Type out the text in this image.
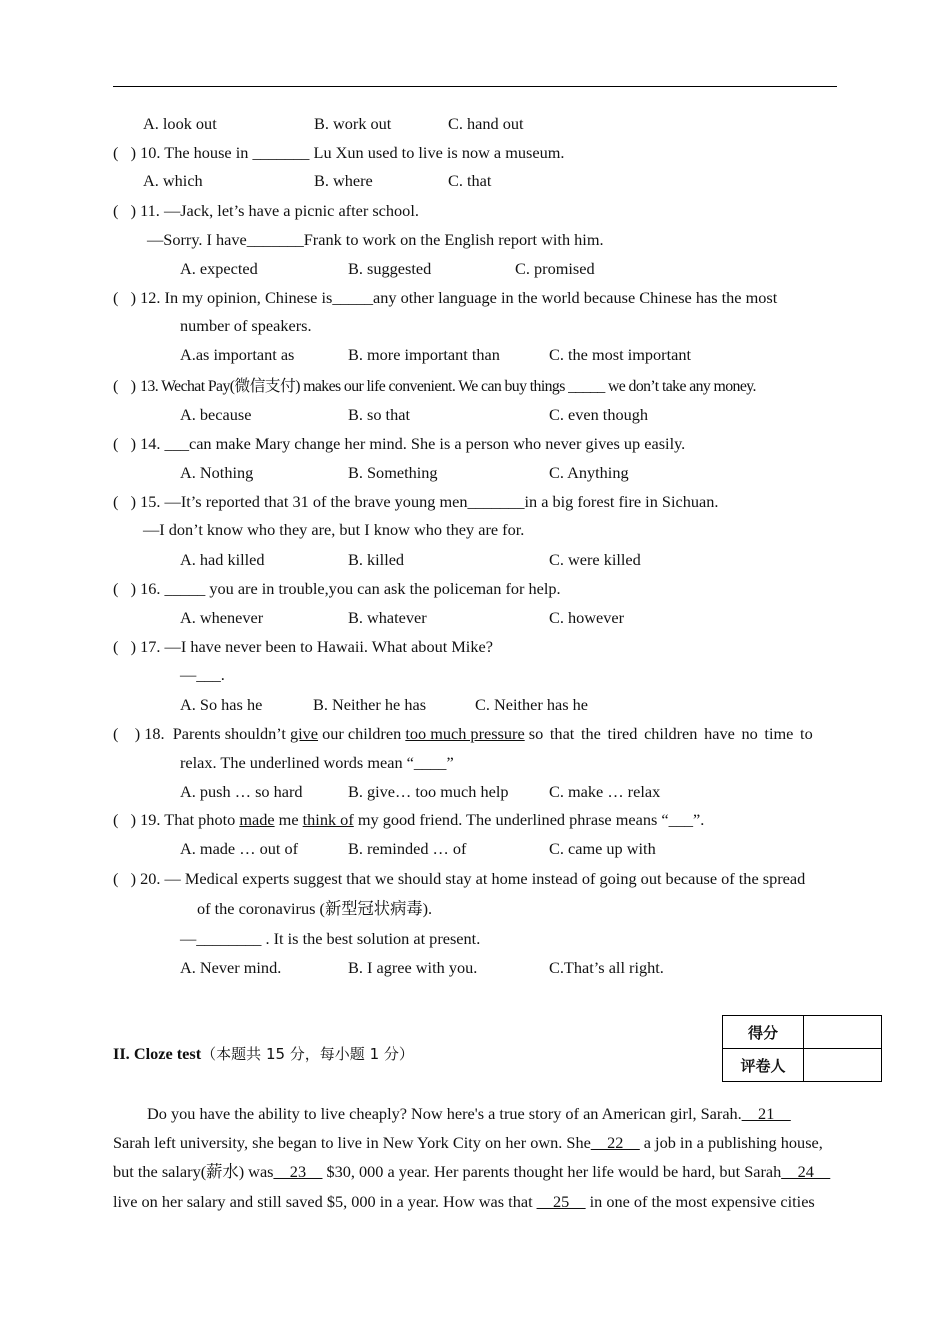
A. look out	B. work out	C. hand out
( ) 10. The house in _______ Lu Xun used to live is now a museum.
A. which	B. where	C. that
(   ) 11. —Jack, let’s have a picnic after school.
—Sorry. I have_______Frank to work on the English report with him.
A. expected	B. suggested	C. promised
(   ) 12. In my opinion, Chinese is_____any other language in the world because Chinese has the most
number of speakers.
A.as important as	B. more important than	C. the most important
(   ) 13. Wechat Pay(微信支付) makes our life convenient. We can buy things _____ we don’t take any money.
A. because	B. so that	C. even though
(   ) 14. ___can make Mary change her mind. She is a person who never gives up easily.
A. Nothing	B. Something	C. Anything
(   ) 15. —It’s reported that 31 of the brave young men_______in a big forest fire in Sichuan.
—I don’t know who they are, but I know who they are for.
A. had killed	B. killed	C. were killed
(   ) 16. _____ you are in trouble,you can ask the policeman for help.
A. whenever	B. whatever	C. however
(   ) 17. —I have never been to Hawaii. What about Mike?
—___.
A. So has he	B. Neither he has	C. Neither has he
(    ) 18. Parents shouldn’t give our children too much pressure so that the tired children have no time to
relax. The underlined words mean “____”
A. push … so hard	B. give… too much help C. make … relax
(   ) 19. That photo made me think of my good friend. The underlined phrase means “___”.
A. made … out of	B. reminded … of	C. came up with
(   ) 20. — Medical experts suggest that we should stay at home instead of going out because of the spread
of the coronavirus (新型冠状病毒).
—________ . It is the best solution at present.
A. Never mind.	B. I agree with you.	C.That’s all right.
II. Cloze test（本题共 15 分，每小题 1 分）
得分	
评卷人	
Do you have the ability to live cheaply? Now here's a true story of an American girl, Sarah.__21__
Sarah left university, she began to live in New York City on her own. She__22__ a job in a publishing house,
but the salary(薪水) was__23__ $30, 000 a year. Her parents thought her life would be hard, but Sarah__24__
live on her salary and still saved $5, 000 in a year. How was that __25__ in one of the most expensive cities
